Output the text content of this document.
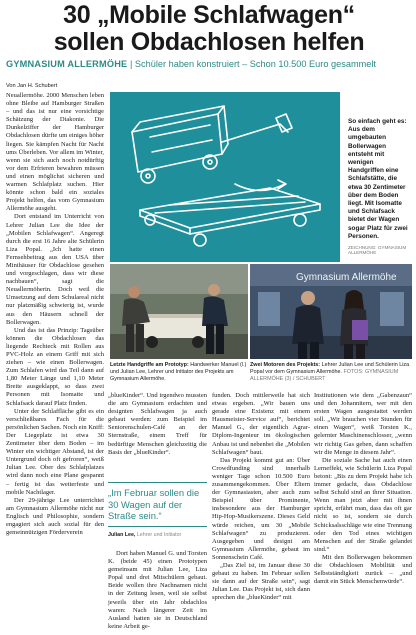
30 „Mobile Schlafwagen“
sollen Obdachlosen helfen
GYMNASIUM ALLERMÖHE | Schüler haben konstruiert – Schon 10.500 Euro gesammelt
Von Jan H. Schubert

Neuallermöhe. 2000 Menschen leben ohne Bleibe auf Hamburger Straßen – und das ist nur eine vorsichtige Schätzung der Diakonie. Die Dunkelziffer der Hamburger Obdachlosen dürfte um einiges höher liegen. Sie kämpfen Nacht für Nacht ums Überleben. Vor allem im Winter, wenn sie sich auch noch notdürftig vor dem Erfrieren bewahren müssen und einen möglichst sicheren und warmen Schlafplatz suchen. Hier könnte schon bald ein soziales Projekt helfen, das vom Gymnasium Allermöhe ausgeht.

Dort entstand im Unterricht von Lehrer Julian Lee die Idee der „Mobilen Schlafwagen“. Angeregt durch die erst 16 Jahre alte Schülerin Liza Popal. „Ich hatte einen Fernsehbeitrag aus den USA über Minihäuser für Obdachlose gesehen und vorgeschlagen, dass wir diese nachbauen“, sagt die Neuallermöherin. Doch weil die Umsetzung auf dem Schulareal nicht nur platzmäßig schwierig ist, wurde aus den Häusern schnell der Bollerwagen.

Und das ist das Prinzip: Tagsüber können die Obdachlosen das liegende Rechteck mit Rollen aus PVC-Holz an einem Griff mit sich ziehen – wie einen Bollerwagen. Zum Schlafen wird das Teil dann auf 1,80 Meter Länge und 1,10 Meter Breite ausgeklappt, so dass zwei Personen mit Isomatte und Schlafsack darauf Platz finden.

Unter der Schlaffläche gibt es ein verschließbares Fach für die persönlichen Sachen. Noch ein Kniff: Der Liegeplatz ist etwa 30 Zentimeter über dem Boden – im Winter ein wichtiger Abstand, ist der Untergrund doch oft gefroren“, weiß Julian Lee. Ober des Schlafplatzes wird dann noch eine Plane gespannt – fertig ist das wetterfeste und mobile Nachtlager.

Der 29-jährige Lee unterrichtet am Gymnasium Allermöhe nicht nur Englisch und Philosophie, sondern engagiert sich auch sozial für den gemeinnützigen Förderverein

So einfach geht es: Aus dem umgebauten Bollerwagen entsteht mit wenigen Handgriffen eine Schlafstätte, die etwa 30 Zentimeter über dem Boden liegt. Mit Isomatte und Schlafsack bietet der Wagen sogar Platz für zwei Personen.
ZEICHNUNG: GYMNASIUM ALLERMÖHE
Gymnasium Allermöhe
Letzte Handgriffe am Prototyp: Handwerker Manuel (l.) und Julian Lee, Lehrer und Initiator des Projekts am Gymnasium Allermöhe.
Zwei Motoren des Projekts: Lehrer Julian Lee und Schülerin Liza Popal vor dem Gymnasium Allermöhe. FOTOS: GYMNASIUM ALLERMÖHE (3) / SCHUBERT

„blueKinder“. Und irgendwo mussten die am Gymnasium erdachten und designten Schlafwagen ja auch gebaut werden: zum Beispiel im Seniorenschulen-Café an der Sternstraße, einem Treff für bedürftige Menschen gleichzeitig die Basis der „blueKinder“.

„Im Februar sollen die 30 Wagen auf der Straße sein.“
Julian Lee, Lehrer und Initiator

Dort haben Manuel G. und Torsten K. (beide 45) einen Prototypen gemeinsam mit Julian Lee, Liza Popal und drei Mitschülern gebaut. Beide wollen ihre Nachnamen nicht in der Zeitung lesen, weil sie selbst jeweils über ein Jahr obdachlos waren: Nach längerer Zeit im Ausland hatten sie in Deutschland keine Arbeit ge-

funden. Doch mittlerweile hat sich etwas ergeben. „Wir bauen uns gerade eine Existenz mit einem Hausmeister-Service auf“, berichtet Manuel G., der eigentlich Agrar-Diplom-Ingenieur im ökologischen Anbau ist und nebenbei die „Mobilen Schlafwagen“ baut.

Das Projekt kommt gut an: Über Crowdfunding sind innerhalb weniger Tage schon 10.500 Euro zusammengekommen. Über Eltern der Gymnasiasten, aber auch zum Beispiel über Prominente, insbesondere aus der Hamburger Hip-Hop-Musikerszene. Dieses Geld würde reichen, um 30 „Mobile Schlafwagen“ zu produzieren. Ausgegeben und designt am Gymnasium Allermöhe, gebaut im Sonnenschein Café.

„Das Ziel ist, im Januar diese 30 gebaut zu haben. Im Februar sollen sie dann auf der Straße sein“, sagt Julian Lee. Das Projekt ist, sich dann sprechen die „blueKinder“ mit

Institutionen wie dem „Gabenzaun“ und den Johannitern, wer mit den ersten Wagen ausgestattet werden soll. „Wir brauchen vier Stunden für einen Wagen“, weiß Torsten K., gelernter Maschinenschlosser, „wenn wir richtig Gas geben, dann schaffen wir die Menge in diesem Jahr“.

Die soziale Sache hat auch einen Lerneffekt, wie Schülerin Liza Popal betont: „Bis zu dem Projekt habe ich immer gedacht, dass Obdachlose selbst Schuld sind an ihrer Situation. Wenn man jetzt aber mit ihnen spricht, erfährt man, dass das oft gar nicht so ist, sondern sie durch Schicksalsschläge wie eine Trennung oder den Tod eines wichtigen Menschen auf der Straße gelandet sind.“

Mit den Bollerwagen bekommen die Obdachlosen Mobilität und Selbstständigkeit zurück – „und damit ein Stück Menschenwürde“.
